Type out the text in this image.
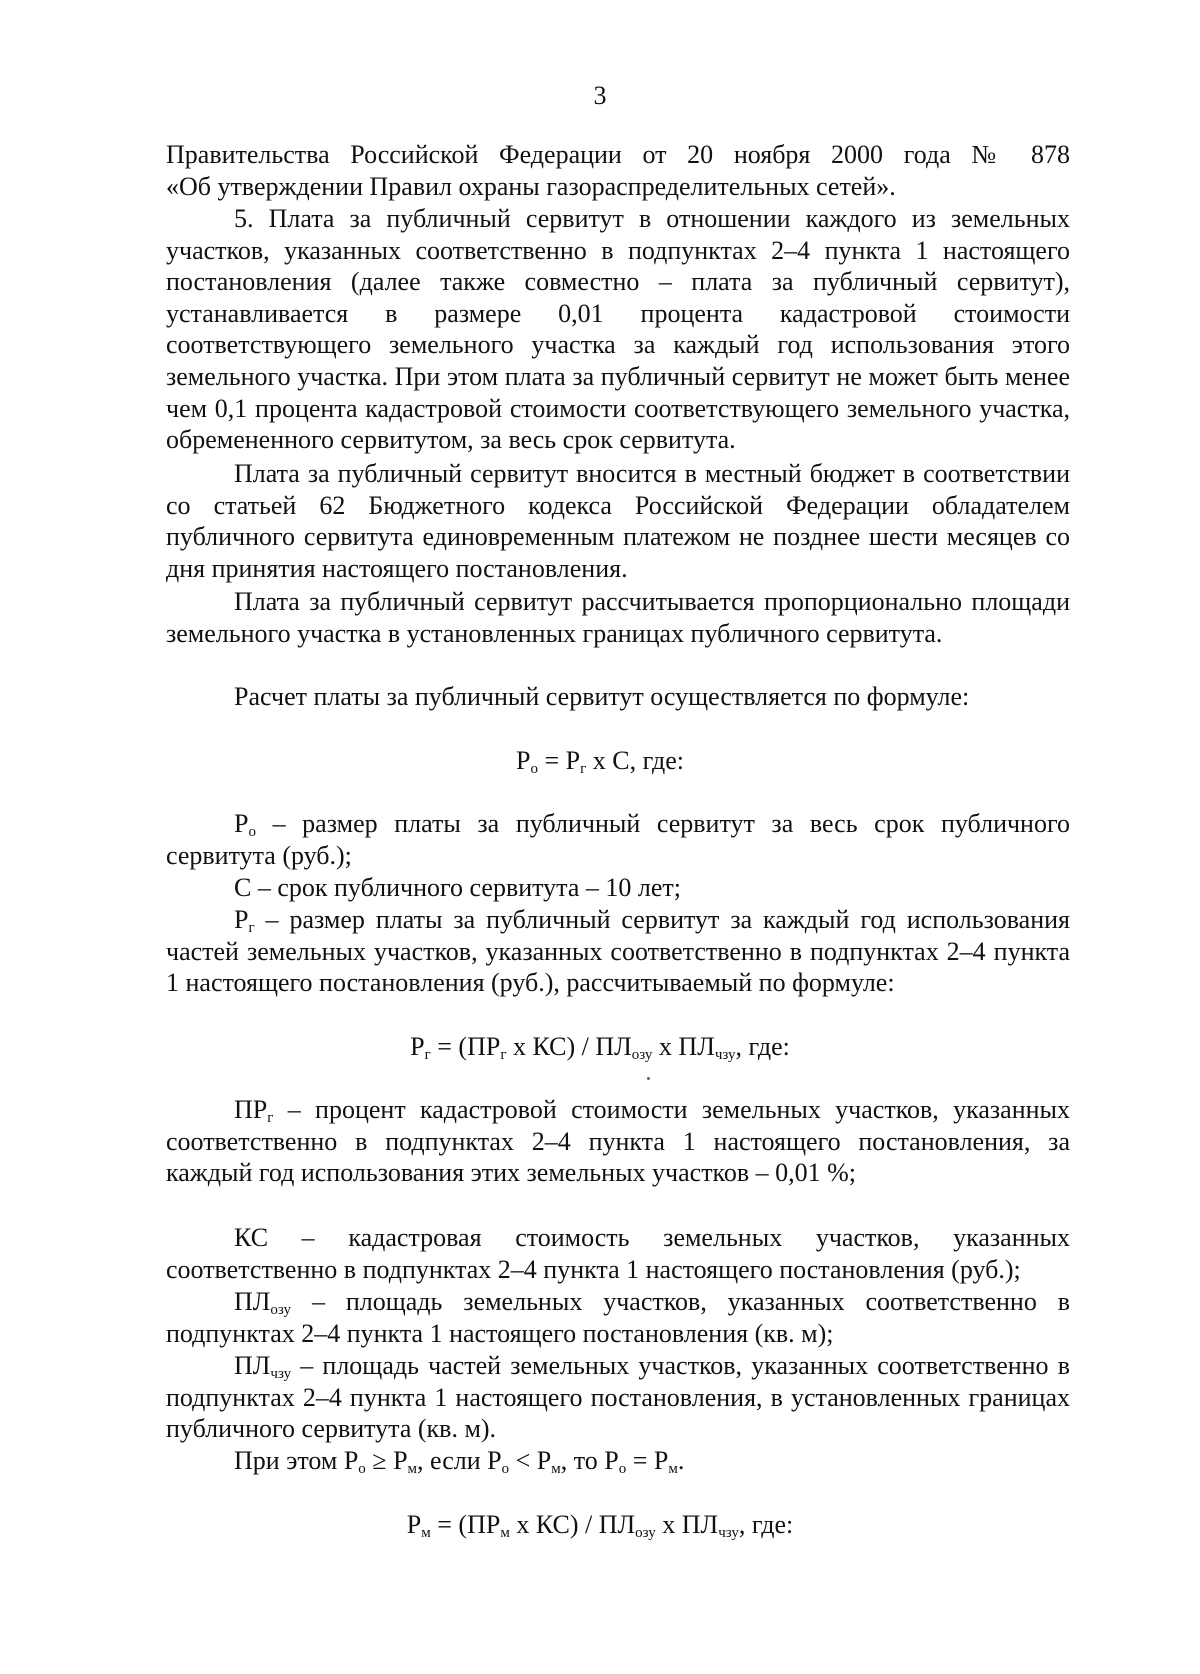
3

Правительства Российской Федерации от 20 ноября 2000 года № 878

«Об утверждении Правил охраны газораспределительных сетей».

5. Плата за публичный сервитут в отношении каждого из земельных участков, указанных соответственно в подпунктах 2–4 пункта 1 настоящего постановления (далее также совместно – плата за публичный сервитут), устанавливается в размере 0,01 процента кадастровой стоимости соответствующего земельного участка за каждый год использования этого земельного участка. При этом плата за публичный сервитут не может быть менее чем 0,1 процента кадастровой стоимости соответствующего земельного участка, обремененного сервитутом, за весь срок сервитута.

Плата за публичный сервитут вносится в местный бюджет в соответствии со статьей 62 Бюджетного кодекса Российской Федерации обладателем публичного сервитута единовременным платежом не позднее шести месяцев со дня принятия настоящего постановления.

Плата за публичный сервитут рассчитывается пропорционально площади земельного участка в установленных границах публичного сервитута.

Расчет платы за публичный сервитут осуществляется по формуле:

$Р_о = Р_г$ х С, где:

$Р_о$ – размер платы за публичный сервитут за весь срок публичного сервитута (руб.);

С – срок публичного сервитута – 10 лет;

$Р_г$ – размер платы за публичный сервитут за каждый год использования частей земельных участков, указанных соответственно в подпунктах 2–4 пункта 1 настоящего постановления (руб.), рассчитываемый по формуле:

$Р_г = (ПР_г$ х $КС) / ПЛ_{озу}$ х $ПЛ_{чзу}$, где:

$ПР_г$ – процент кадастровой стоимости земельных участков, указанных соответственно в подпунктах 2–4 пункта 1 настоящего постановления, за каждый год использования этих земельных участков – 0,01 %;

КС – кадастровая стоимость земельных участков, указанных соответственно в подпунктах 2–4 пункта 1 настоящего постановления (руб.);

$ПЛ_{озу}$ – площадь земельных участков, указанных соответственно в подпунктах 2–4 пункта 1 настоящего постановления (кв. м);

$ПЛ_{чзу}$ – площадь частей земельных участков, указанных соответственно в подпунктах 2–4 пункта 1 настоящего постановления, в установленных границах публичного сервитута (кв. м).

При этом $Р_о \ge Р_м$, если $Р_о < Р_м$, то $Р_о = Р_м$.

$Р_м = (ПР_м$ х $КС) / ПЛ_{озу}$ х $ПЛ_{чзу}$, где:
